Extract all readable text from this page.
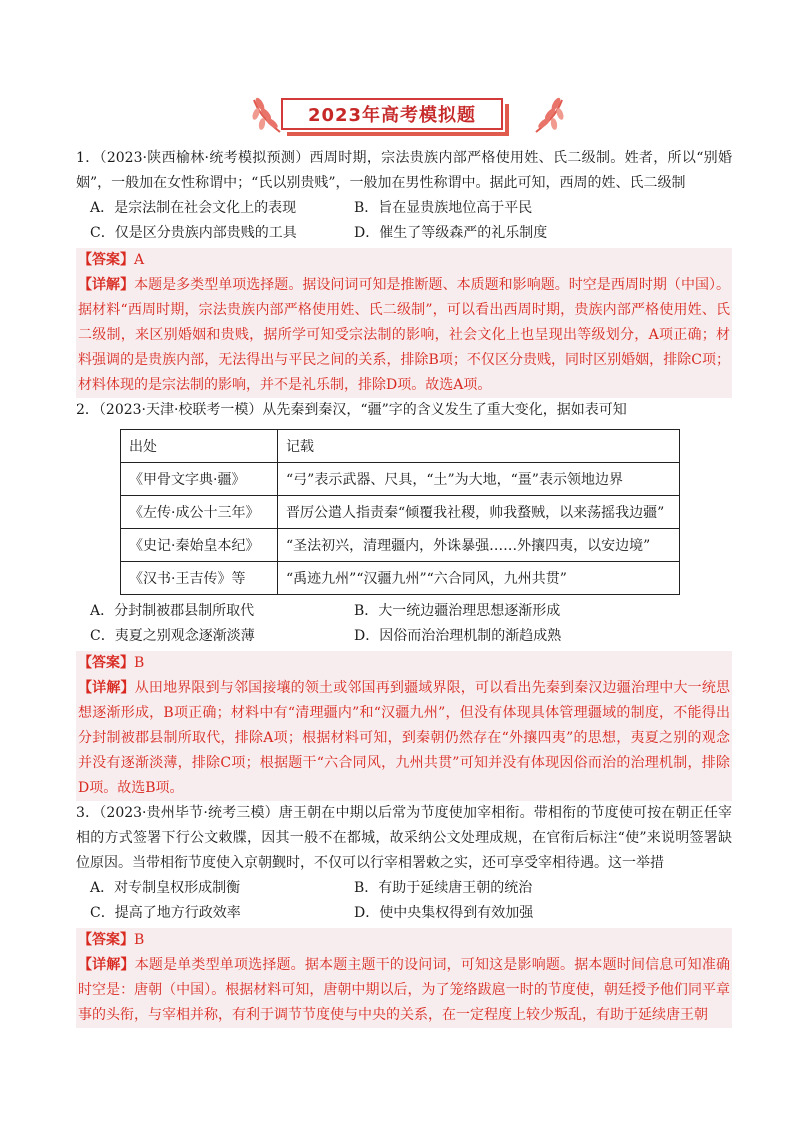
2023年高考模拟题

1．（2023·陕西榆林·统考模拟预测）西周时期，宗法贵族内部严格使用姓、氏二级制。姓者，所以“别婚姻”，一般加在女性称谓中；“氏以别贵贱”，一般加在男性称谓中。据此可知，西周的姓、氏二级制

A．是宗法制在社会文化上的表现	B．旨在显贵族地位高于平民
C．仅是区分贵族内部贵贱的工具	D．催生了等级森严的礼乐制度
【答案】A
【详解】本题是多类型单项选择题。据设问词可知是推断题、本质题和影响题。时空是西周时期（中国）。据材料“西周时期，宗法贵族内部严格使用姓、氏二级制”，可以看出西周时期，贵族内部严格使用姓、氏二级制，来区别婚姻和贵贱，据所学可知受宗法制的影响，社会文化上也呈现出等级划分，A项正确；材料强调的是贵族内部，无法得出与平民之间的关系，排除B项；不仅区分贵贱，同时区别婚姻，排除C项；材料体现的是宗法制的影响，并不是礼乐制，排除D项。故选A项。

2．（2023·天津·校联考一模）从先秦到秦汉，“疆”字的含义发生了重大变化，据如表可知

出处	记载
《甲骨文字典·疆》	“弓”表示武器、尺具，“土”为大地，“畺”表示领地边界
《左传·成公十三年》	晋厉公遣人指责秦“倾覆我社稷，帅我蝥贼，以来荡摇我边疆”
《史记·秦始皇本纪》	“圣法初兴，清理疆内，外诛暴强……外攘四夷，以安边境”
《汉书·王吉传》等	“禹迹九州”“汉疆九州”“六合同风，九州共贯”
A．分封制被郡县制所取代	B．大一统边疆治理思想逐渐形成
C．夷夏之别观念逐渐淡薄	D．因俗而治治理机制的渐趋成熟
【答案】B
【详解】从田地界限到与邻国接壤的领土或邻国再到疆域界限，可以看出先秦到秦汉边疆治理中大一统思想逐渐形成，B项正确；材料中有“清理疆内”和“汉疆九州”，但没有体现具体管理疆域的制度，不能得出分封制被郡县制所取代，排除A项；根据材料可知，到秦朝仍然存在“外攘四夷”的思想，夷夏之别的观念并没有逐渐淡薄，排除C项；根据题干“六合同风，九州共贯”可知并没有体现因俗而治的治理机制，排除D项。故选B项。

3．（2023·贵州毕节·统考三模）唐王朝在中期以后常为节度使加宰相衔。带相衔的节度使可按在朝正任宰相的方式签署下行公文敕牒，因其一般不在都城，故采纳公文处理成规，在官衔后标注“使”来说明签署缺位原因。当带相衔节度使入京朝觐时，不仅可以行宰相署敕之实，还可享受宰相待遇。这一举措

A．对专制皇权形成制衡	B．有助于延续唐王朝的统治
C．提高了地方行政效率	D．使中央集权得到有效加强
【答案】B
【详解】本题是单类型单项选择题。据本题主题干的设问词，可知这是影响题。据本题时间信息可知准确时空是：唐朝（中国）。根据材料可知，唐朝中期以后，为了笼络跋扈一时的节度使，朝廷授予他们同平章事的头衔，与宰相并称，有利于调节节度使与中央的关系，在一定程度上较少叛乱，有助于延续唐王朝
